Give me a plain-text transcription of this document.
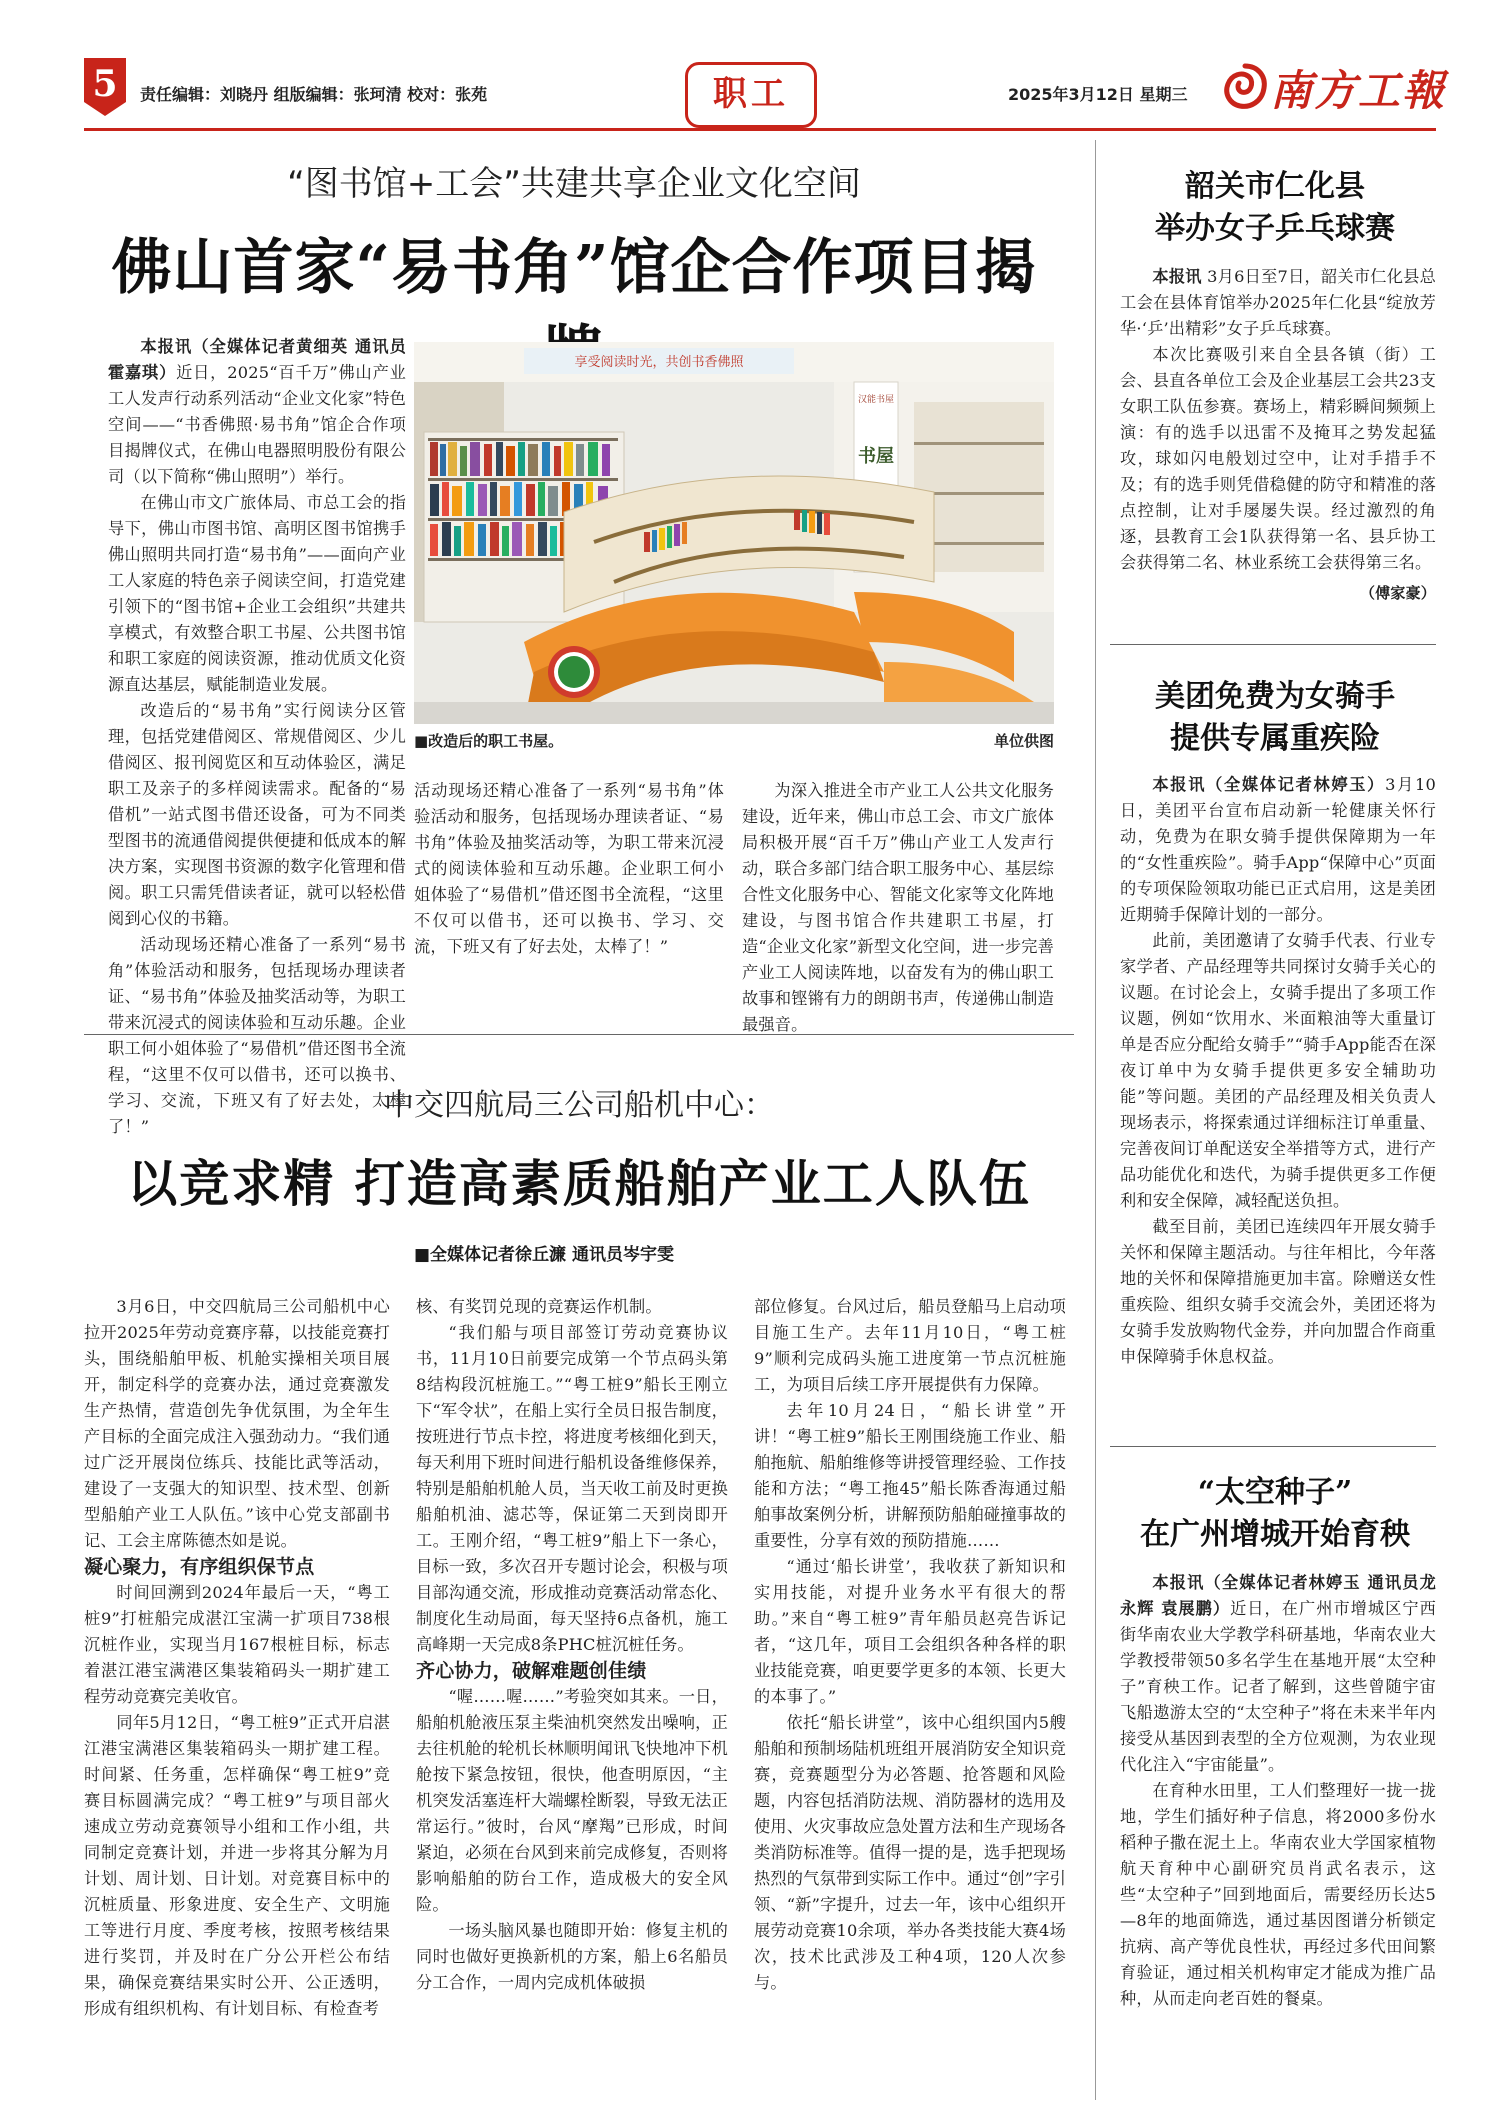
5	责任编辑：刘晓丹 组版编辑：张珂清 校对：张苑	职工	2025年3月12日 星期三 南方工報
“图书馆+工会”共建共享企业文化空间
佛山首家“易书角”馆企合作项目揭

本报讯（全媒体记者黄细英 通讯员霍嘉琪）近日，2025“百千万”佛山产业工人发声行动系列活动“企业文化家”特色空间——“书香佛照·易书角”馆企合作项目揭牌仪式，在佛山电器照明股份有限公司（以下简称“佛山照明”）举行。

在佛山市文广旅体局、市总工会的指导下，佛山市图书馆、高明区图书馆携手佛山照明共同打造“易书角”——面向产业工人家庭的特色亲子阅读空间，打造党建引领下的“图书馆+企业工会组织”共建共享模式，有效整合职工书屋、公共图书馆和职工家庭的阅读资源，推动优质文化资源直达基层，赋能制造业发展。

改造后的“易书角”实行阅读分区管理，包括党建借阅区、常规借阅区、少儿借阅区、报刊阅览区和互动体验区，满足职工及亲子的多样阅读需求。配备的“易借机”一站式图书借还设备，可为不同类型图书的流通借阅提供便捷和低成本的解决方案，实现图书资源的数字化管理和借阅。职工只需凭借读者证，就可以轻松借阅到心仪的书籍。

活动现场还精心准备了一系列“易书角”体验活动和服务，包括现场办理读者证、“易书角”体验及抽奖活动等，为职工带来沉浸式的阅读体验和互动乐趣。企业职工何小姐体验了“易借机”借还图书全流程，“这里不仅可以借书，还可以换书、学习、交流，下班又有了好去处，太棒了！”

享受阅读时光，共创书香佛照
汉能书屋
书屋
■改造后的职工书屋。	单位供图

活动现场还精心准备了一系列“易书角”体验活动和服务，包括现场办理读者证、“易书角”体验及抽奖活动等，为职工带来沉浸式的阅读体验和互动乐趣。企业职工何小姐体验了“易借机”借还图书全流程，“这里不仅可以借书，还可以换书、学习、交流，下班又有了好去处，太棒了！”

为深入推进全市产业工人公共文化服务建设，近年来，佛山市总工会、市文广旅体局积极开展“百千万”佛山产业工人发声行动，联合多部门结合职工服务中心、基层综合性文化服务中心、智能文化家等文化阵地建设，与图书馆合作共建职工书屋，打造“企业文化家”新型文化空间，进一步完善产业工人阅读阵地，以奋发有为的佛山职工故事和铿锵有力的朗朗书声，传递佛山制造最强音。

中交四航局三公司船机中心：
以竞求精 打造高素质船舶产业工人队伍
■全媒体记者徐丘濂 通讯员岑宇雯

3月6日，中交四航局三公司船机中心拉开2025年劳动竞赛序幕，以技能竞赛打头，围绕船舶甲板、机舱实操相关项目展开，制定科学的竞赛办法，通过竞赛激发生产热情，营造创先争优氛围，为全年生产目标的全面完成注入强劲动力。“我们通过广泛开展岗位练兵、技能比武等活动，建设了一支强大的知识型、技术型、创新型船舶产业工人队伍。”该中心党支部副书记、工会主席陈德杰如是说。

凝心聚力，有序组织保节点

时间回溯到2024年最后一天，“粤工桩9”打桩船完成湛江宝满一扩项目738根沉桩作业，实现当月167根桩目标，标志着湛江港宝满港区集装箱码头一期扩建工程劳动竞赛完美收官。

同年5月12日，“粤工桩9”正式开启湛江港宝满港区集装箱码头一期扩建工程。时间紧、任务重，怎样确保“粤工桩9”竞赛目标圆满完成？“粤工桩9”与项目部火速成立劳动竞赛领导小组和工作小组，共同制定竞赛计划，并进一步将其分解为月计划、周计划、日计划。对竞赛目标中的沉桩质量、形象进度、安全生产、文明施工等进行月度、季度考核，按照考核结果进行奖罚，并及时在广分公开栏公布结果，确保竞赛结果实时公开、公正透明，形成有组织机构、有计划目标、有检查考

核、有奖罚兑现的竞赛运作机制。

“我们船与项目部签订劳动竞赛协议书，11月10日前要完成第一个节点码头第8结构段沉桩施工。”“粤工桩9”船长王刚立下“军令状”，在船上实行全员日报告制度，按班进行节点卡控，将进度考核细化到天，每天利用下班时间进行船机设备维修保养，特别是船舶机舱人员，当天收工前及时更换船舶机油、滤芯等，保证第二天到岗即开工。王刚介绍，“粤工桩9”船上下一条心，目标一致，多次召开专题讨论会，积极与项目部沟通交流，形成推动竞赛活动常态化、制度化生动局面，每天坚持6点备机，施工高峰期一天完成8条PHC桩沉桩任务。

齐心协力，破解难题创佳绩

“喔……喔……”考验突如其来。一日，船舶机舱液压泵主柴油机突然发出噪响，正去往机舱的轮机长林顺明闻讯飞快地冲下机舱按下紧急按钮，很快，他查明原因，“主机突发活塞连杆大端螺栓断裂，导致无法正常运行。”彼时，台风“摩羯”已形成，时间紧迫，必须在台风到来前完成修复，否则将影响船舶的防台工作，造成极大的安全风险。

一场头脑风暴也随即开始：修复主机的同时也做好更换新机的方案，船上6名船员分工合作，一周内完成机体破损

部位修复。台风过后，船员登船马上启动项目施工生产。去年11月10日，“粤工桩9”顺利完成码头施工进度第一节点沉桩施工，为项目后续工序开展提供有力保障。

去年10月24日，“船长讲堂”开讲！“粤工桩9”船长王刚围绕施工作业、船舶拖航、船舶维修等讲授管理经验、工作技能和方法；“粤工拖45”船长陈香海通过船舶事故案例分析，讲解预防船舶碰撞事故的重要性，分享有效的预防措施……

“通过‘船长讲堂’，我收获了新知识和实用技能，对提升业务水平有很大的帮助。”来自“粤工桩9”青年船员赵亮告诉记者，“这几年，项目工会组织各种各样的职业技能竞赛，咱更要学更多的本领、长更大的本事了。”

依托“船长讲堂”，该中心组织国内5艘船舶和预制场陆机班组开展消防安全知识竞赛，竞赛题型分为必答题、抢答题和风险题，内容包括消防法规、消防器材的选用及使用、火灾事故应急处置方法和生产现场各类消防标准等。值得一提的是，选手把现场热烈的气氛带到实际工作中。通过“创”字引领、“新”字提升，过去一年，该中心组织开展劳动竞赛10余项，举办各类技能大赛4场次，技术比武涉及工种4项，120人次参与。

韶关市仁化县
举办女子乒乓球赛

本报讯 3月6日至7日，韶关市仁化县总工会在县体育馆举办2025年仁化县“绽放芳华·‘乒’出精彩”女子乒乓球赛。

本次比赛吸引来自全县各镇（街）工会、县直各单位工会及企业基层工会共23支女职工队伍参赛。赛场上，精彩瞬间频频上演：有的选手以迅雷不及掩耳之势发起猛攻，球如闪电般划过空中，让对手措手不及；有的选手则凭借稳健的防守和精准的落点控制，让对手屡屡失误。经过激烈的角逐，县教育工会1队获得第一名、县乒协工会获得第二名、林业系统工会获得第三名。

（傅家豪）
美团免费为女骑手
提供专属重疾险

本报讯（全媒体记者林婷玉）3月10日，美团平台宣布启动新一轮健康关怀行动，免费为在职女骑手提供保障期为一年的“女性重疾险”。骑手App“保障中心”页面的专项保险领取功能已正式启用，这是美团近期骑手保障计划的一部分。

此前，美团邀请了女骑手代表、行业专家学者、产品经理等共同探讨女骑手关心的议题。在讨论会上，女骑手提出了多项工作议题，例如“饮用水、米面粮油等大重量订单是否应分配给女骑手”“骑手App能否在深夜订单中为女骑手提供更多安全辅助功能”等问题。美团的产品经理及相关负责人现场表示，将探索通过详细标注订单重量、完善夜间订单配送安全举措等方式，进行产品功能优化和迭代，为骑手提供更多工作便利和安全保障，减轻配送负担。

截至目前，美团已连续四年开展女骑手关怀和保障主题活动。与往年相比，今年落地的关怀和保障措施更加丰富。除赠送女性重疾险、组织女骑手交流会外，美团还将为女骑手发放购物代金券，并向加盟合作商重申保障骑手休息权益。

“太空种子”
在广州增城开始育秧

本报讯（全媒体记者林婷玉 通讯员龙永辉 袁展鹏）近日，在广州市增城区宁西街华南农业大学教学科研基地，华南农业大学教授带领50多名学生在基地开展“太空种子”育秧工作。记者了解到，这些曾随宇宙飞船遨游太空的“太空种子”将在未来半年内接受从基因到表型的全方位观测，为农业现代化注入“宇宙能量”。

在育种水田里，工人们整理好一拢一拢地，学生们插好种子信息，将2000多份水稻种子撒在泥土上。华南农业大学国家植物航天育种中心副研究员肖武名表示，这些“太空种子”回到地面后，需要经历长达5—8年的地面筛选，通过基因图谱分析锁定抗病、高产等优良性状，再经过多代田间繁育验证，通过相关机构审定才能成为推广品种，从而走向老百姓的餐桌。
